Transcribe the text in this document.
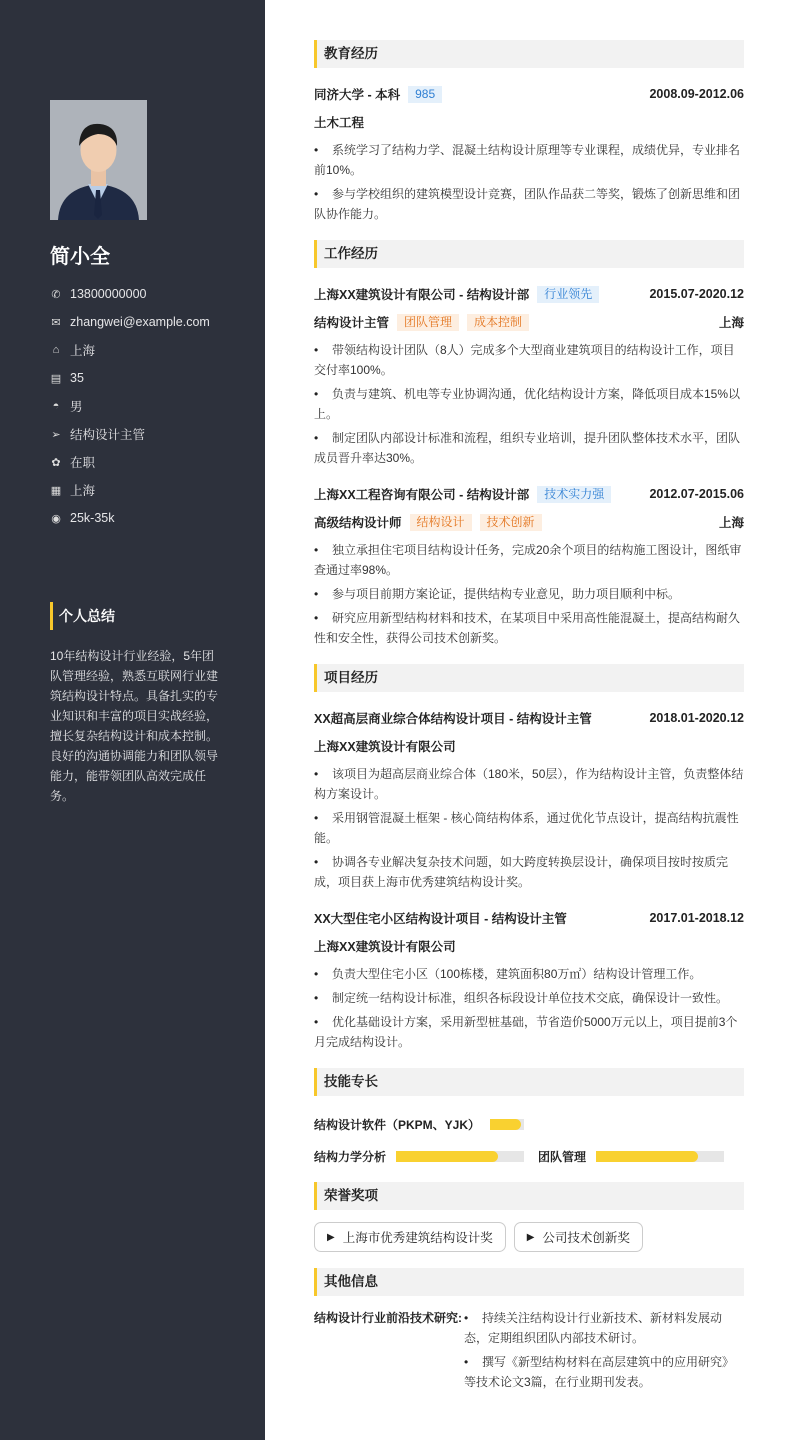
简小全
✆ 13800000000
✉ zhangwei@example.com
⌂ 上海
▤ 35
◓ 男
➢ 结构设计主管
✿ 在职
▦ 上海
◉ 25k-35k
个人总结
10年结构设计行业经验，5年团队管理经验，熟悉互联网行业建筑结构设计特点。具备扎实的专业知识和丰富的项目实战经验，擅长复杂结构设计和成本控制。良好的沟通协调能力和团队领导能力，能带领团队高效完成任务。
教育经历
同济大学 - 本科	985	2008.09-2012.06
土木工程
• 系统学习了结构力学、混凝土结构设计原理等专业课程，成绩优异，专业排名前10%。
• 参与学校组织的建筑模型设计竞赛，团队作品获二等奖，锻炼了创新思维和团队协作能力。
工作经历
上海XX建筑设计有限公司 - 结构设计部	行业领先	2015.07-2020.12
结构设计主管	团队管理	成本控制	上海
• 带领结构设计团队（8人）完成多个大型商业建筑项目的结构设计工作，项目交付率100%。
• 负责与建筑、机电等专业协调沟通，优化结构设计方案，降低项目成本15%以上。
• 制定团队内部设计标准和流程，组织专业培训，提升团队整体技术水平，团队成员晋升率达30%。
上海XX工程咨询有限公司 - 结构设计部	技术实力强	2012.07-2015.06
高级结构设计师	结构设计	技术创新	上海
• 独立承担住宅项目结构设计任务，完成20余个项目的结构施工图设计，图纸审查通过率98%。
• 参与项目前期方案论证，提供结构专业意见，助力项目顺利中标。
• 研究应用新型结构材料和技术，在某项目中采用高性能混凝土，提高结构耐久性和安全性，获得公司技术创新奖。
项目经历
XX超高层商业综合体结构设计项目 - 结构设计主管	2018.01-2020.12
上海XX建筑设计有限公司
• 该项目为超高层商业综合体（180米，50层），作为结构设计主管，负责整体结构方案设计。
• 采用钢管混凝土框架 - 核心筒结构体系，通过优化节点设计，提高结构抗震性能。
• 协调各专业解决复杂技术问题，如大跨度转换层设计，确保项目按时按质完成，项目获上海市优秀建筑结构设计奖。
XX大型住宅小区结构设计项目 - 结构设计主管	2017.01-2018.12
上海XX建筑设计有限公司
• 负责大型住宅小区（100栋楼，建筑面积80万㎡）结构设计管理工作。
• 制定统一结构设计标准，组织各标段设计单位技术交底，确保设计一致性。
• 优化基础设计方案，采用新型桩基础，节省造价5000万元以上，项目提前3个月完成结构设计。
技能专长
结构设计软件（PKPM、YJK）
结构力学分析	团队管理
荣誉奖项
▶ 上海市优秀建筑结构设计奖	▶ 公司技术创新奖
其他信息
结构设计行业前沿技术研究:	• 持续关注结构设计行业新技术、新材料发展动态，定期组织团队内部技术研讨。
• 撰写《新型结构材料在高层建筑中的应用研究》等技术论文3篇，在行业期刊发表。
